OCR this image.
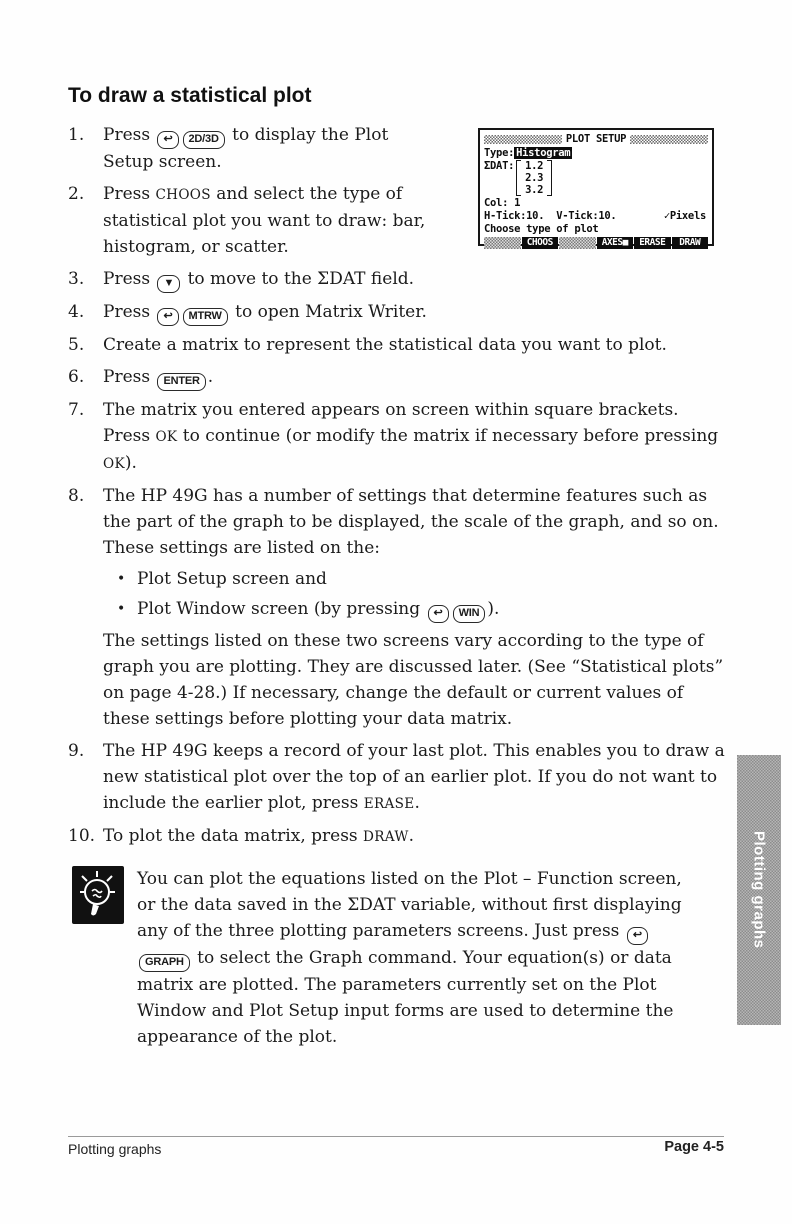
To draw a statistical plot
1.	Press ↩ 2D/3D to display the Plot Setup screen.
2.	Press CHOOS and select the type of statistical plot you want to draw: bar, histogram, or scatter.
3.	Press ▼ to move to the ΣDAT field.
4.	Press ↩ MTRW to open Matrix Writer.
5.	Create a matrix to represent the statistical data you want to plot.
6.	Press ENTER .
7.	The matrix you entered appears on screen within square brackets. Press OK to continue (or modify the matrix if necessary before pressing OK).
8.	The HP 49G has a number of settings that determine features such as the part of the graph to be displayed, the scale of the graph, and so on. These settings are listed on the:
• Plot Setup screen and
• Plot Window screen (by pressing ↩ WIN ).
The settings listed on these two screens vary according to the type of graph you are plotting. They are discussed later. (See “Statistical plots” on page 4-28.) If necessary, change the default or current values of these settings before plotting your data matrix.
9.	The HP 49G keeps a record of your last plot. This enables you to draw a new statistical plot over the top of an earlier plot. If you do not want to include the earlier plot, press ERASE.
10. To plot the data matrix, press DRAW.
You can plot the equations listed on the Plot – Function screen, or the data saved in the ΣDAT variable, without first displaying any of the three plotting parameters screens. Just press ↩GRAPH to select the Graph command. Your equation(s) or data matrix are plotted. The parameters currently set on the Plot Window and Plot Setup input forms are used to determine the appearance of the plot.
PLOT SETUP
Type: Histogram
ΣDAT: 1.2
2.3
3.2
Col: 1
H-Tick:10. V-Tick:10.	✓Pixels
Choose type of plot
CHOOS	AXES■	ERASE	DRAW
Plotting graphs
Plotting graphs	Page 4-5
